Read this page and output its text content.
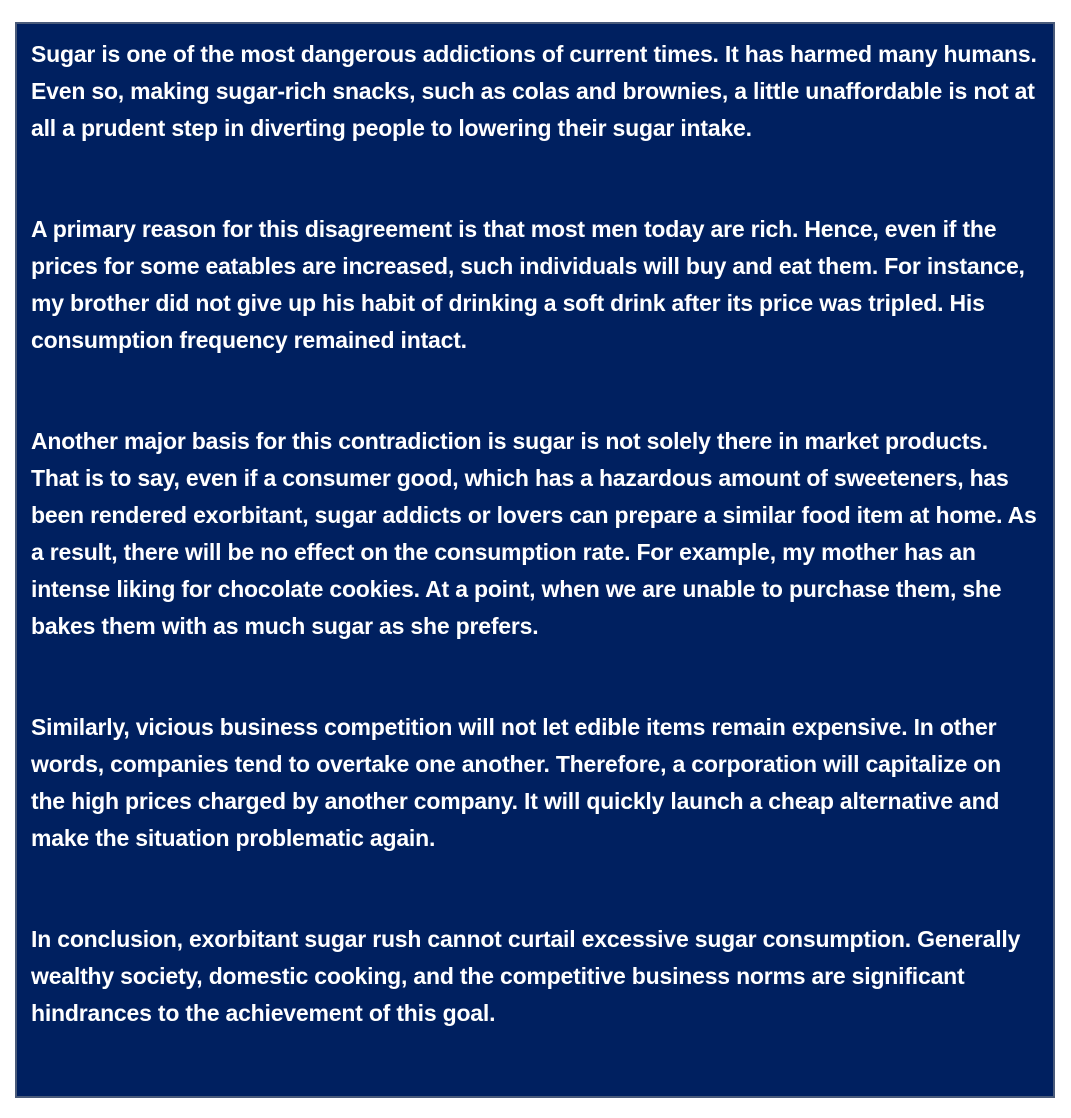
Sugar is one of the most dangerous addictions of current times. It has harmed many humans. Even so, making sugar-rich snacks, such as colas and brownies, a little unaffordable is not at all a prudent step in diverting people to lowering their sugar intake.

A primary reason for this disagreement is that most men today are rich. Hence, even if the prices for some eatables are increased, such individuals will buy and eat them. For instance, my brother did not give up his habit of drinking a soft drink after its price was tripled. His consumption frequency remained intact.

Another major basis for this contradiction is sugar is not solely there in market products. That is to say, even if a consumer good, which has a hazardous amount of sweeteners, has been rendered exorbitant, sugar addicts or lovers can prepare a similar food item at home. As a result, there will be no effect on the consumption rate. For example, my mother has an intense liking for chocolate cookies. At a point, when we are unable to purchase them, she bakes them with as much sugar as she prefers.

Similarly, vicious business competition will not let edible items remain expensive. In other words, companies tend to overtake one another. Therefore, a corporation will capitalize on the high prices charged by another company. It will quickly launch a cheap alternative and make the situation problematic again.

In conclusion, exorbitant sugar rush cannot curtail excessive sugar consumption. Generally wealthy society, domestic cooking, and the competitive business norms are significant hindrances to the achievement of this goal.
